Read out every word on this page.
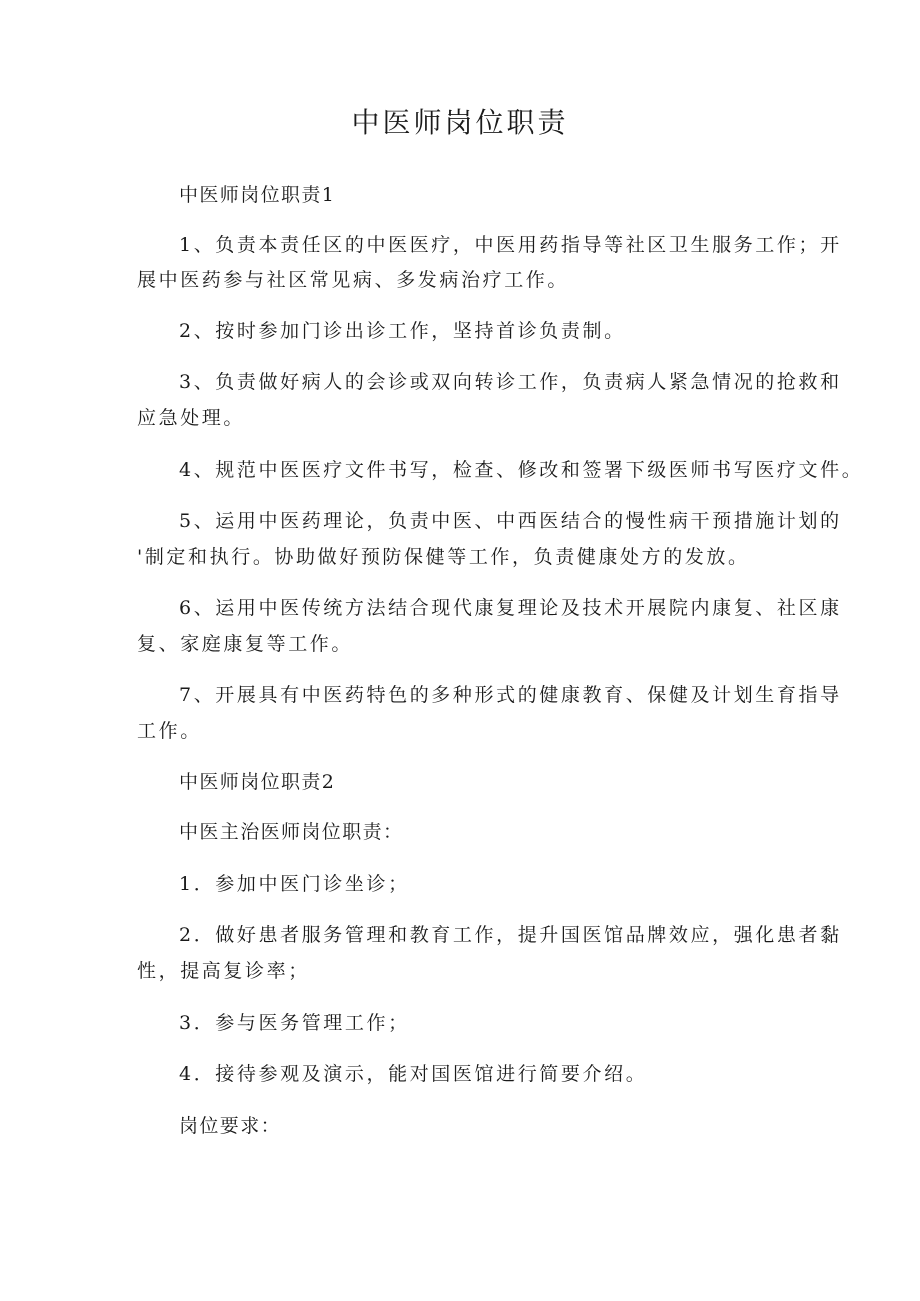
中医师岗位职责

中医师岗位职责1

1、负责本责任区的中医医疗，中医用药指导等社区卫生服务工作；开

展中医药参与社区常见病、多发病治疗工作。

2、按时参加门诊出诊工作，坚持首诊负责制。

3、负责做好病人的会诊或双向转诊工作，负责病人紧急情况的抢救和

应急处理。

4、规范中医医疗文件书写，检查、修改和签署下级医师书写医疗文件。

5、运用中医药理论，负责中医、中西医结合的慢性病干预措施计划的

'制定和执行。协助做好预防保健等工作，负责健康处方的发放。

6、运用中医传统方法结合现代康复理论及技术开展院内康复、社区康

复、家庭康复等工作。

7、开展具有中医药特色的多种形式的健康教育、保健及计划生育指导

工作。

中医师岗位职责2

中医主治医师岗位职责：

1．参加中医门诊坐诊；

2．做好患者服务管理和教育工作，提升国医馆品牌效应，强化患者黏

性，提高复诊率；

3．参与医务管理工作；

4．接待参观及演示，能对国医馆进行简要介绍。

岗位要求：
